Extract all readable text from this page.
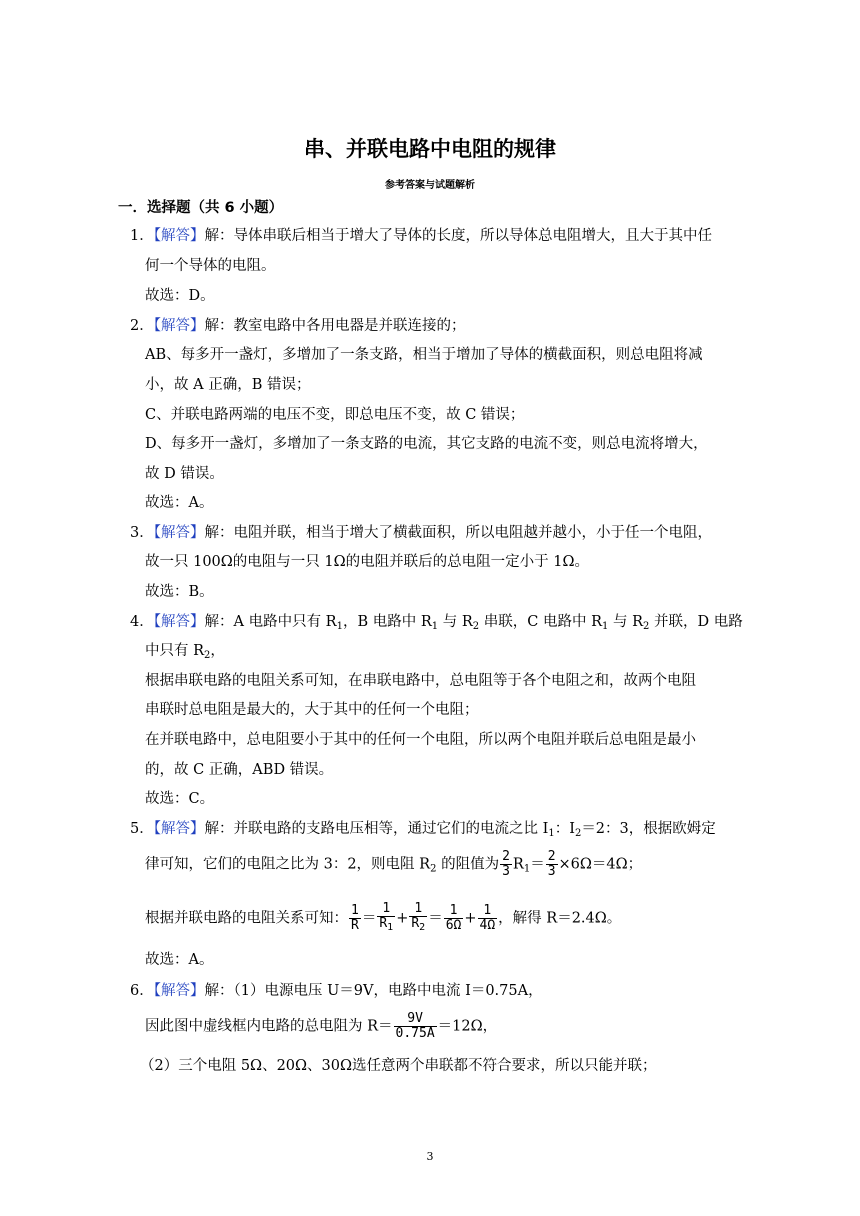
串、并联电路中电阻的规律
参考答案与试题解析
一．选择题（共 6 小题）
1．【解答】解：导体串联后相当于增大了导体的长度，所以导体总电阻增大，且大于其中任
何一个导体的电阻。
故选：D。
2．【解答】解：教室电路中各用电器是并联连接的；
AB、每多开一盏灯，多增加了一条支路，相当于增加了导体的横截面积，则总电阻将减
小，故 A 正确，B 错误；
C、并联电路两端的电压不变，即总电压不变，故 C 错误；
D、每多开一盏灯，多增加了一条支路的电流，其它支路的电流不变，则总电流将增大，
故 D 错误。
故选：A。
3．【解答】解：电阻并联，相当于增大了横截面积，所以电阻越并越小，小于任一个电阻，
故一只 100Ω的电阻与一只 1Ω的电阻并联后的总电阻一定小于 1Ω。
故选：B。
4．【解答】解：A 电路中只有 $R_1$，B 电路中 $R_1$ 与 $R_2$ 串联，C 电路中 $R_1$ 与 $R_2$ 并联，D 电路
中只有 $R_2$，
根据串联电路的电阻关系可知，在串联电路中，总电阻等于各个电阻之和，故两个电阻
串联时总电阻是最大的，大于其中的任何一个电阻；
在并联电路中，总电阻要小于其中的任何一个电阻，所以两个电阻并联后总电阻是最小
的，故 C 正确，ABD 错误。
故选：C。
5．【解答】解：并联电路的支路电压相等，通过它们的电流之比 $I_1$：$I_2=2$：3，根据欧姆定
律可知，它们的电阻之比为 3：2，则电阻 $R_2$ 的阻值为 $\frac{2}{3} R_1= \frac{2}{3} \times 6\Omega=4\Omega$；
根据并联电路的电阻关系可知： $\frac{1}{R} = \frac{1}{R_1} + \frac{1}{R_2} = \frac{1}{6\Omega} + \frac{1}{4\Omega}$ ，解得 R＝2.4Ω。
故选：A。
6．【解答】解：（1）电源电压 U＝9V，电路中电流 I＝0.75A，
因此图中虚线框内电路的总电阻为 $R= \frac{9V}{0.75A} =12\Omega$，
（2）三个电阻 5Ω、20Ω、30Ω选任意两个串联都不符合要求，所以只能并联；
3
